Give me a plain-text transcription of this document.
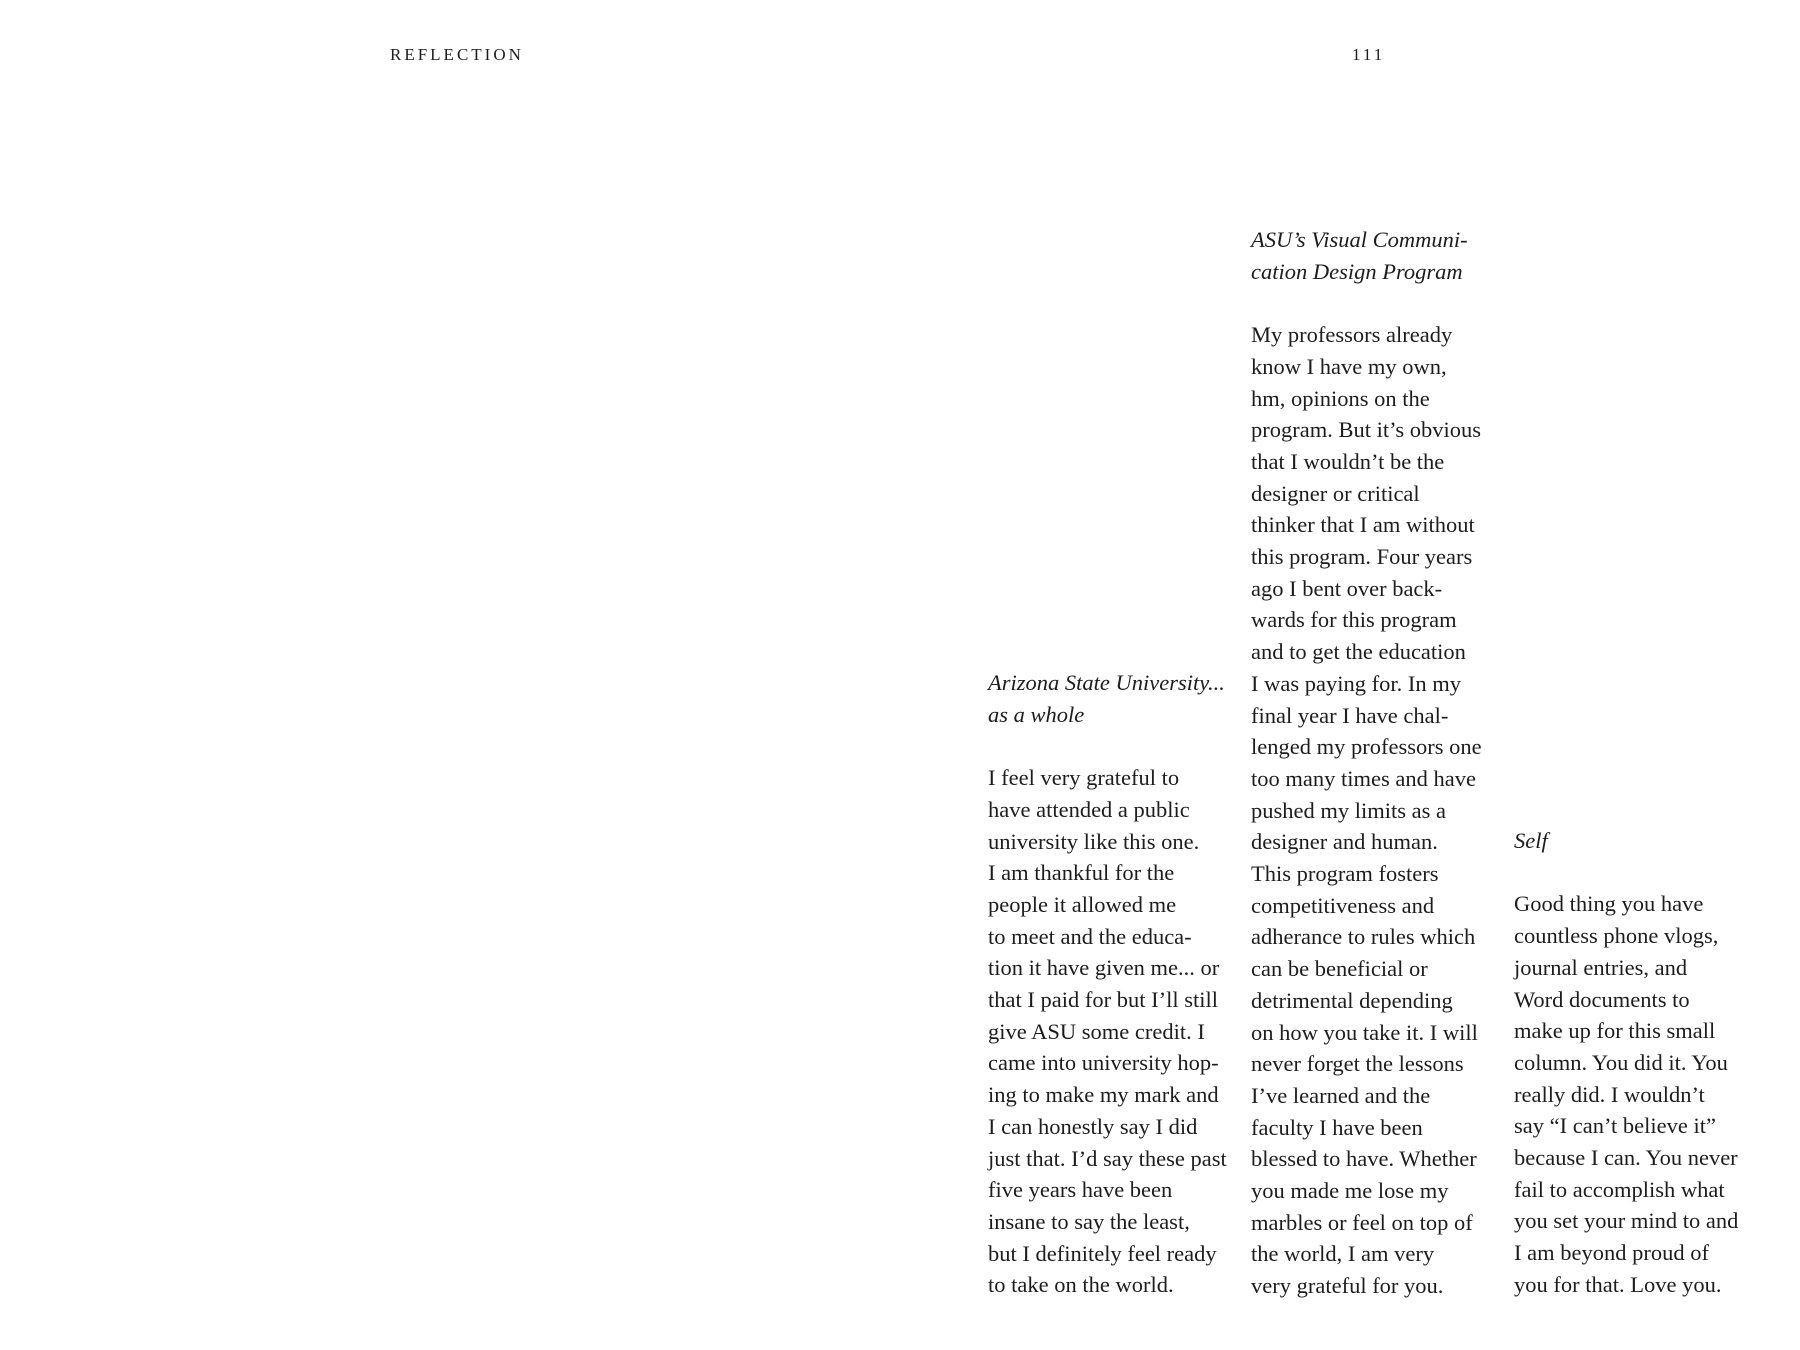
REFLECTION	111
Arizona State University...
as a whole
I feel very grateful to
have attended a public
university like this one.
I am thankful for the
people it allowed me
to meet and the educa-
tion it have given me... or
that I paid for but I’ll still
give ASU some credit. I
came into university hop-
ing to make my mark and
I can honestly say I did
just that. I’d say these past
five years have been
insane to say the least,
but I definitely feel ready
to take on the world.
ASU’s Visual Communi-
cation Design Program
My professors already
know I have my own,
hm, opinions on the
program. But it’s obvious
that I wouldn’t be the
designer or critical
thinker that I am without
this program. Four years
ago I bent over back-
wards for this program
and to get the education
I was paying for. In my
final year I have chal-
lenged my professors one
too many times and have
pushed my limits as a
designer and human.
This program fosters
competitiveness and
adherance to rules which
can be beneficial or
detrimental depending
on how you take it. I will
never forget the lessons
I’ve learned and the
faculty I have been
blessed to have. Whether
you made me lose my
marbles or feel on top of
the world, I am very
very grateful for you.
Self
Good thing you have
countless phone vlogs,
journal entries, and
Word documents to
make up for this small
column. You did it. You
really did. I wouldn’t
say “I can’t believe it”
because I can. You never
fail to accomplish what
you set your mind to and
I am beyond proud of
you for that. Love you.
